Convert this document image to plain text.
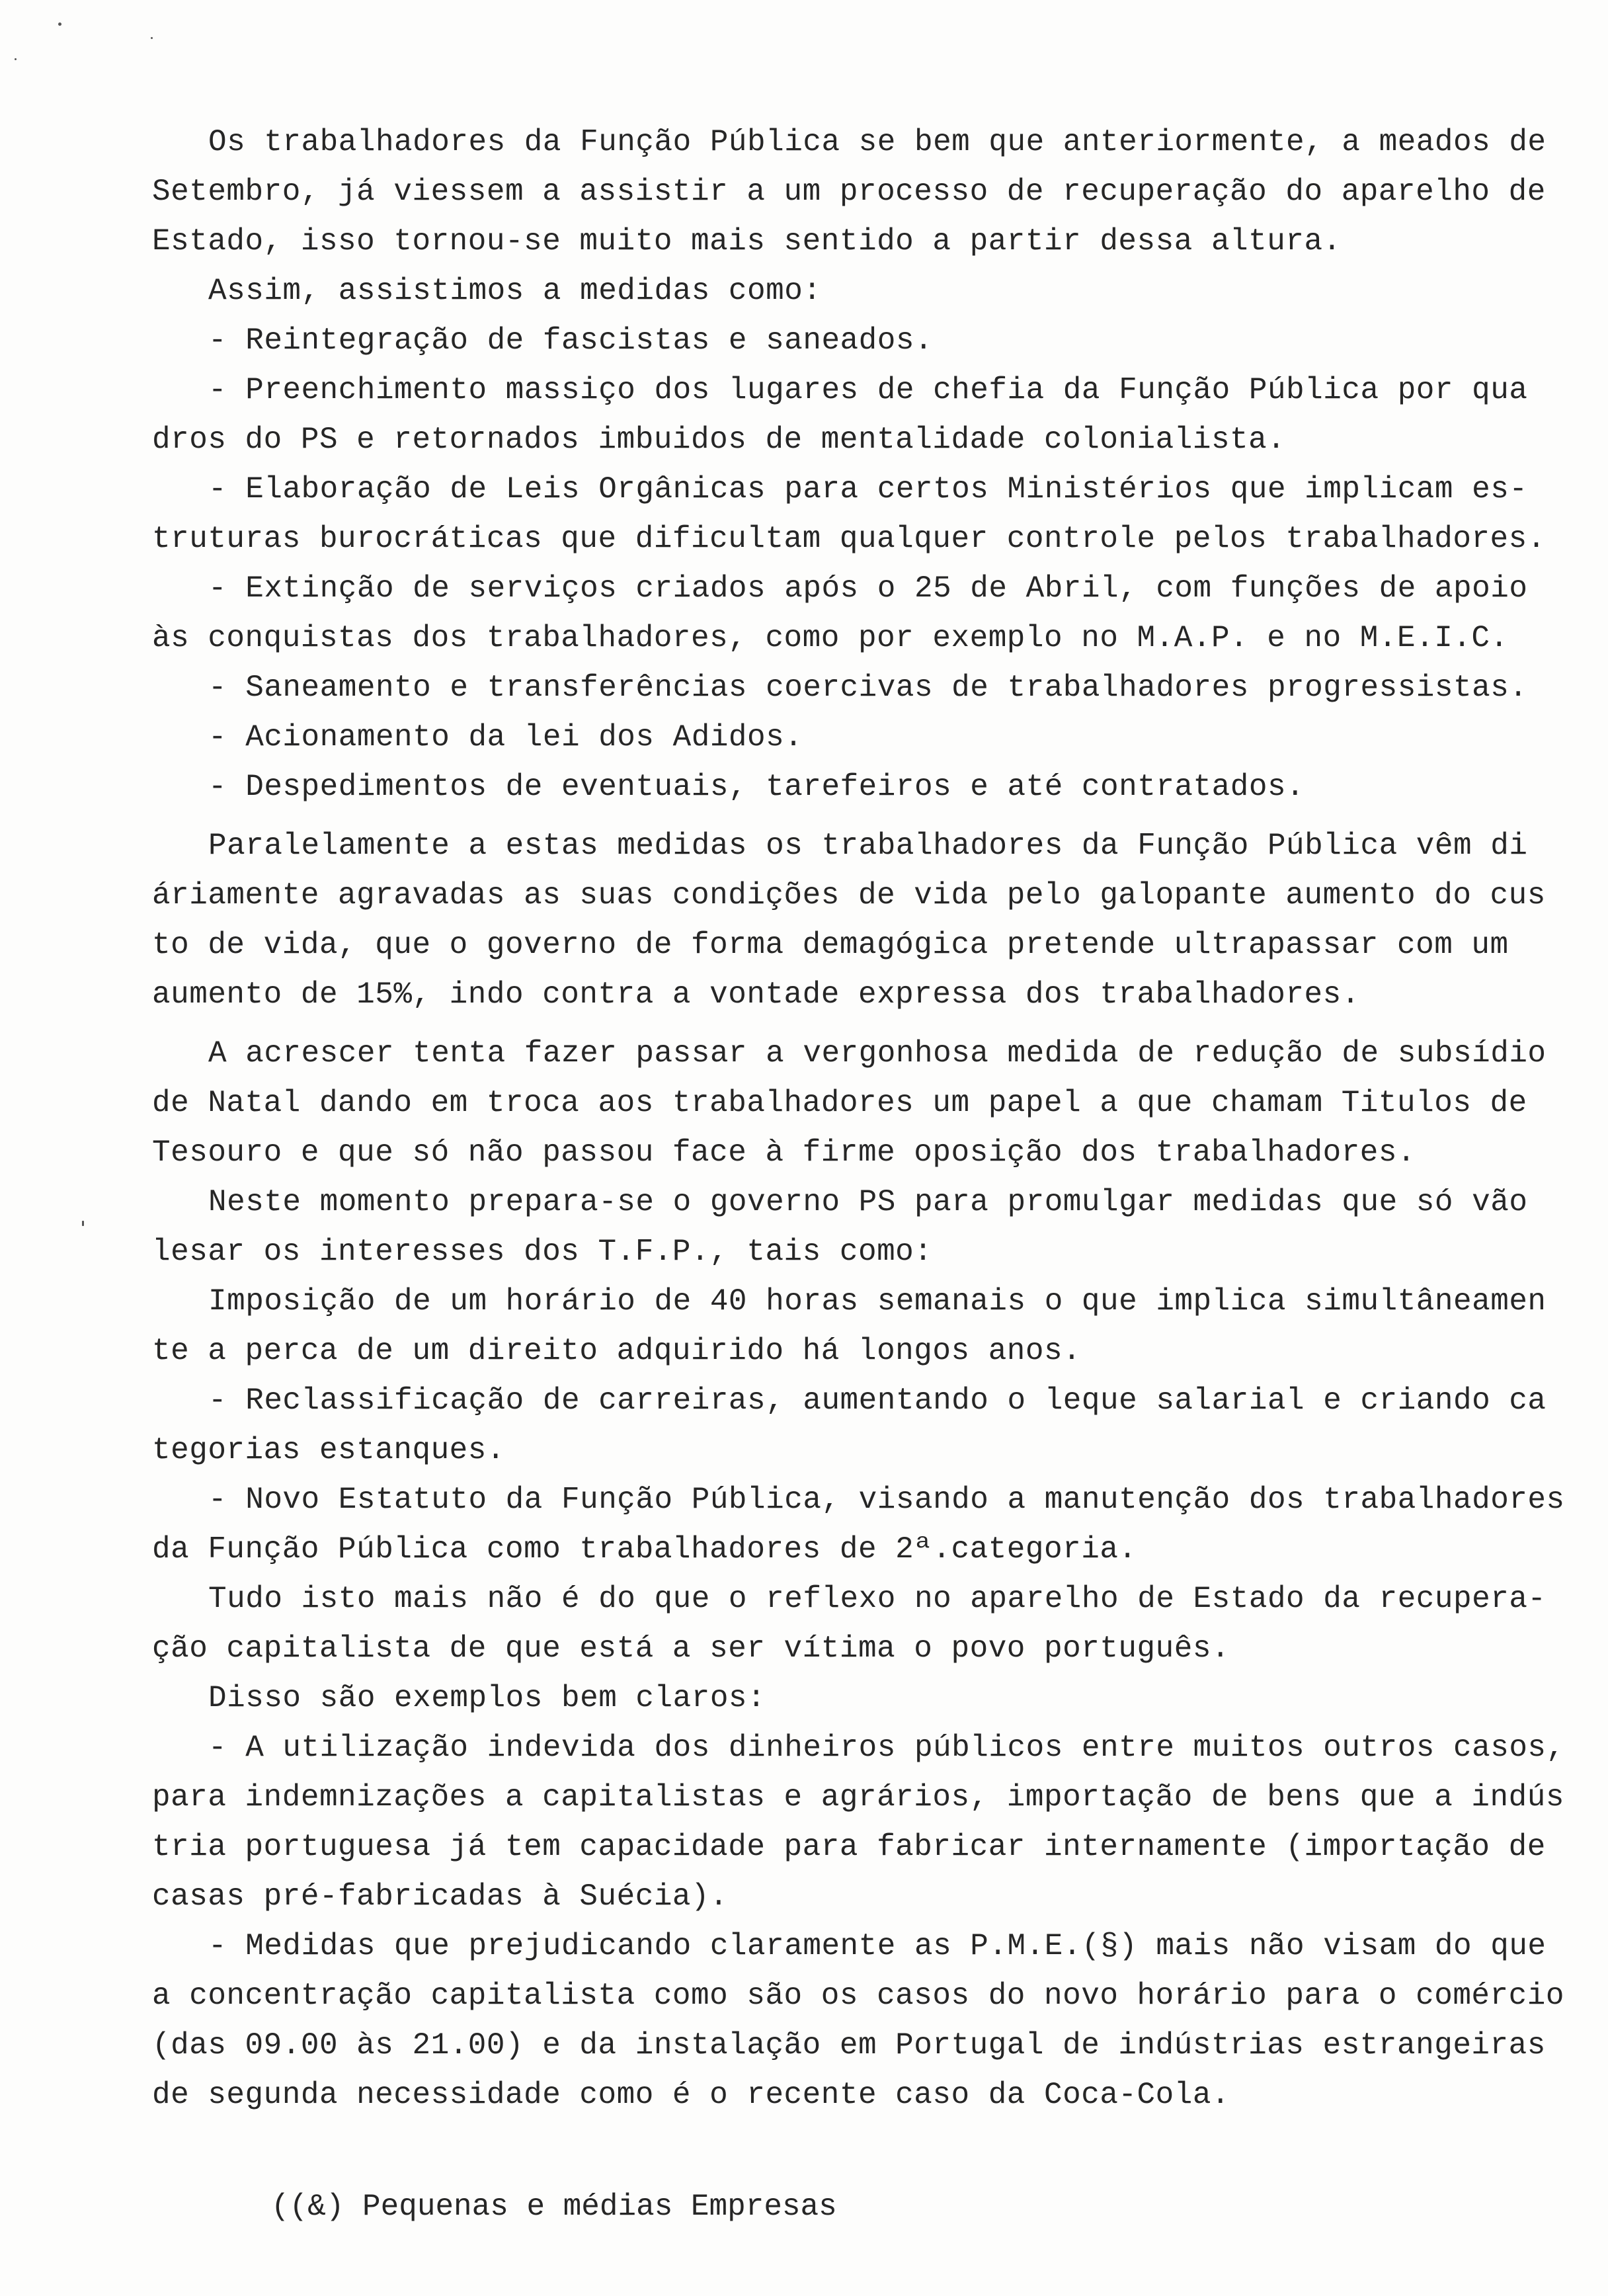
Os trabalhadores da Função Pública se bem que anteriormente, a meados de
Setembro, já viessem a assistir a um processo de recuperação do aparelho de
Estado, isso tornou-se muito mais sentido a partir dessa altura.
Assim, assistimos a medidas como:
- Reintegração de fascistas e saneados.
- Preenchimento massiço dos lugares de chefia da Função Pública por qua
dros do PS e retornados imbuidos de mentalidade colonialista.
- Elaboração de Leis Orgânicas para certos Ministérios que implicam es-
truturas burocráticas que dificultam qualquer controle pelos trabalhadores.
- Extinção de serviços criados após o 25 de Abril, com funções de apoio
às conquistas dos trabalhadores, como por exemplo no M.A.P. e no M.E.I.C.
- Saneamento e transferências coercivas de trabalhadores progressistas.
- Acionamento da lei dos Adidos.
- Despedimentos de eventuais, tarefeiros e até contratados.
Paralelamente a estas medidas os trabalhadores da Função Pública vêm di
áriamente agravadas as suas condições de vida pelo galopante aumento do cus
to de vida, que o governo de forma demagógica pretende ultrapassar com um
aumento de 15%, indo contra a vontade expressa dos trabalhadores.
A acrescer tenta fazer passar a vergonhosa medida de redução de subsídio
de Natal dando em troca aos trabalhadores um papel a que chamam Titulos de
Tesouro e que só não passou face à firme oposição dos trabalhadores.
Neste momento prepara-se o governo PS para promulgar medidas que só vão
lesar os interesses dos T.F.P., tais como:
Imposição de um horário de 40 horas semanais o que implica simultâneamen
te a perca de um direito adquirido há longos anos.
- Reclassificação de carreiras, aumentando o leque salarial e criando ca
tegorias estanques.
- Novo Estatuto da Função Pública, visando a manutenção dos trabalhadores
da Função Pública como trabalhadores de 2ª.categoria.
Tudo isto mais não é do que o reflexo no aparelho de Estado da recupera-
ção capitalista de que está a ser vítima o povo português.
Disso são exemplos bem claros:
- A utilização indevida dos dinheiros públicos entre muitos outros casos,
para indemnizações a capitalistas e agrários, importação de bens que a indús
tria portuguesa já tem capacidade para fabricar internamente (importação de
casas pré-fabricadas à Suécia).
- Medidas que prejudicando claramente as P.M.E.(§) mais não visam do que
a concentração capitalista como são os casos do novo horário para o comércio
(das 09.00 às 21.00) e da instalação em Portugal de indústrias estrangeiras
de segunda necessidade como é o recente caso da Coca-Cola.
((&) Pequenas e médias Empresas
